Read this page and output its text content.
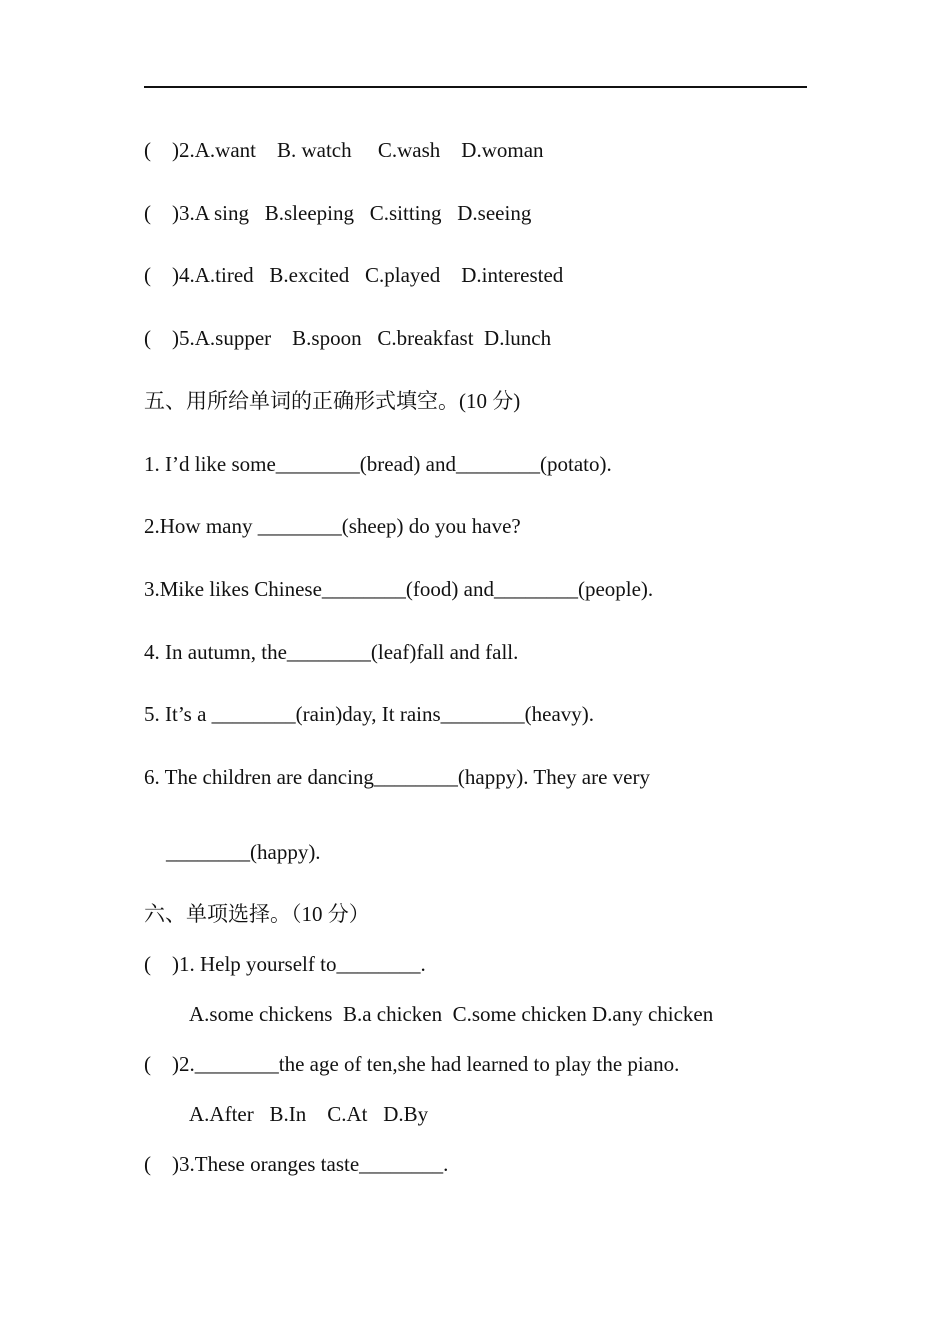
(    )2.A.want    B. watch     C.wash    D.woman
(    )3.A sing   B.sleeping   C.sitting   D.seeing
(    )4.A.tired   B.excited   C.played    D.interested
(    )5.A.supper    B.spoon   C.breakfast  D.lunch
五、用所给单词的正确形式填空。(10 分)
1. I’d like some________(bread) and________(potato).
2.How many ________(sheep) do you have?
3.Mike likes Chinese________(food) and________(people).
4. In autumn, the________(leaf)fall and fall.
5. It’s a ________(rain)day, It rains________(heavy).
6. The children are dancing________(happy). They are very
________(happy).
六、单项选择。（10 分）
(    )1. Help yourself to________.
A.some chickens  B.a chicken  C.some chicken D.any chicken
(    )2.________the age of ten,she had learned to play the piano.
A.After   B.In    C.At   D.By
(    )3.These oranges taste________.
